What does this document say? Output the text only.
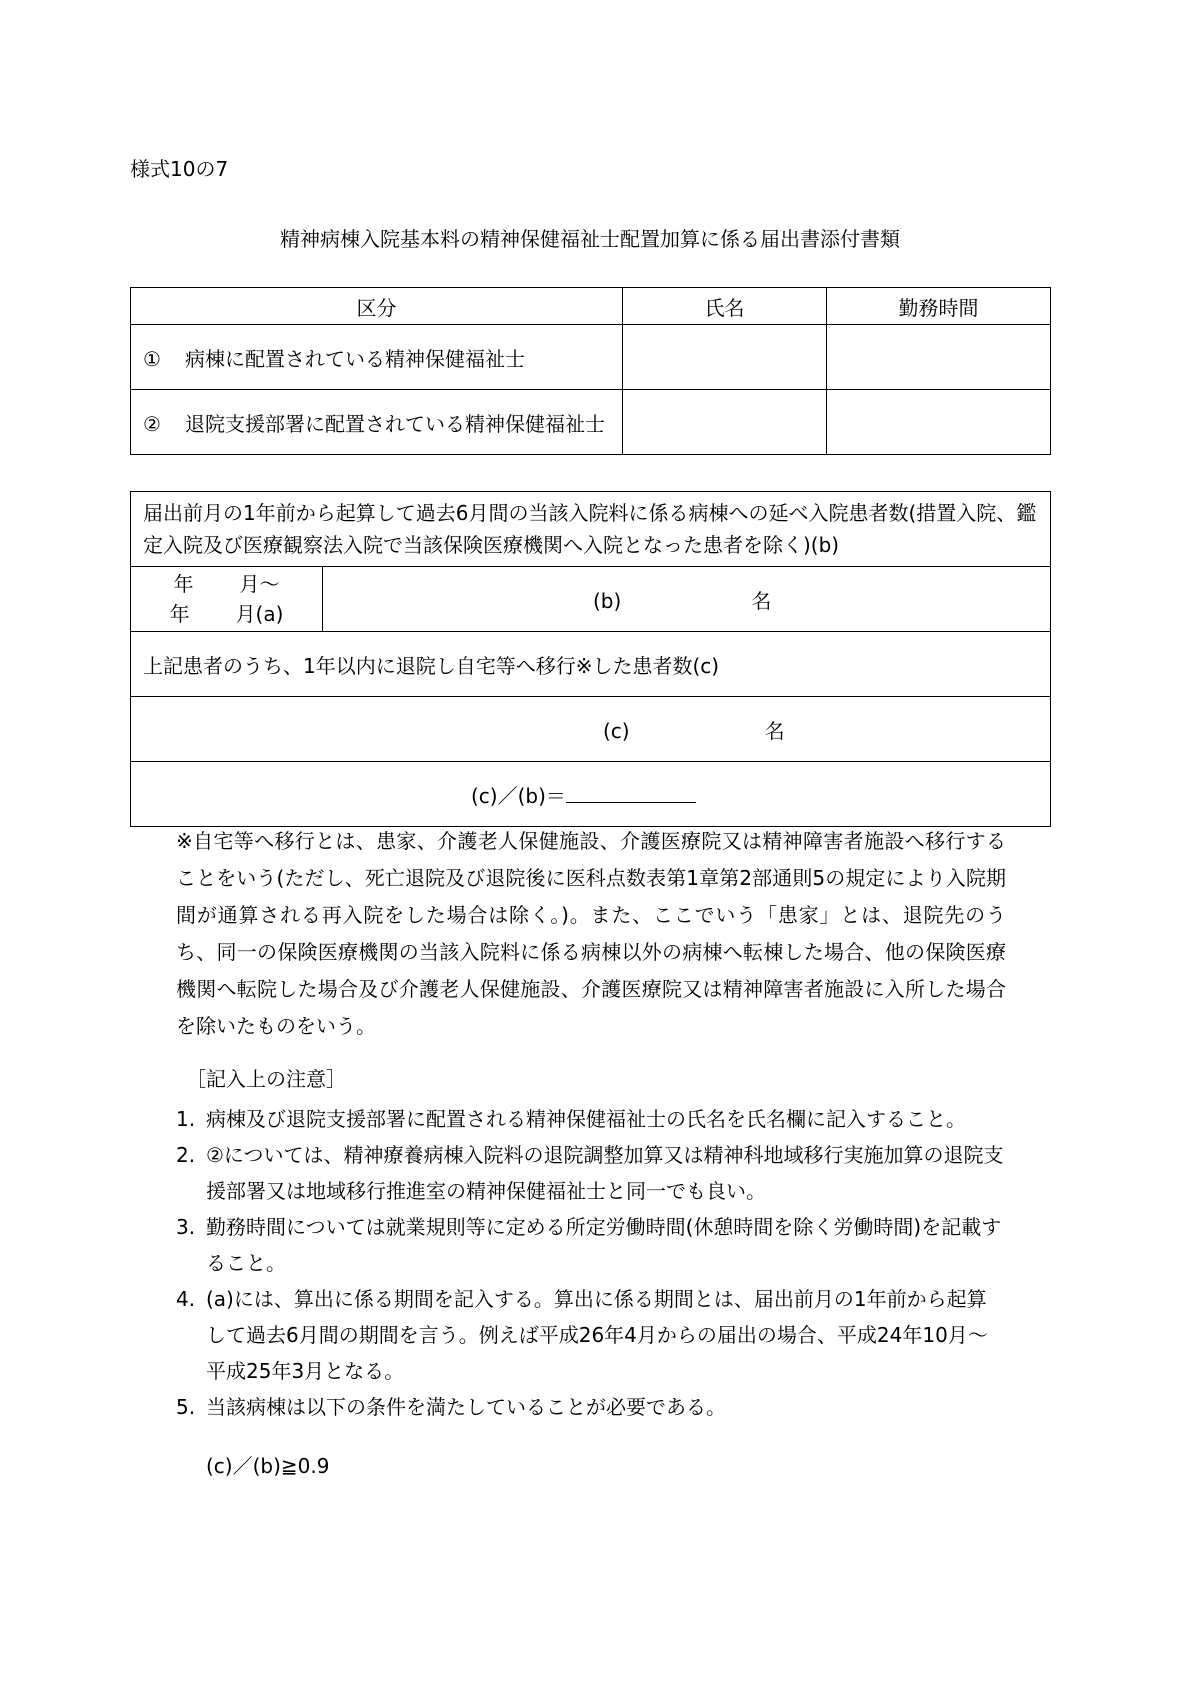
様式10の7
精神病棟入院基本料の精神保健福祉士配置加算に係る届出書添付書類
区分	氏名	勤務時間
① 病棟に配置されている精神保健福祉士		
② 退院支援部署に配置されている精神保健福祉士		
届出前月の1年前から起算して過去6月間の当該入院料に係る病棟への延べ入院患者数(措置入院、鑑定入院及び医療観察法入院で当該保険医療機関へ入院となった患者を除く)(b)

年 月～
年 月(a)
	(b)	名
上記患者のうち、1年以内に退院し自宅等へ移行※した患者数(c)
(c)	名
(c)／(b)＝
※自宅等へ移行とは、患家、介護老人保健施設、介護医療院又は精神障害者施設へ移行することをいう(ただし、死亡退院及び退院後に医科点数表第1章第2部通則5の規定により入院期間が通算される再入院をした場合は除く。)。また、ここでいう「患家」とは、退院先のうち、同一の保険医療機関の当該入院料に係る病棟以外の病棟へ転棟した場合、他の保険医療機関へ転院した場合及び介護老人保健施設、介護医療院又は精神障害者施設に入所した場合を除いたものをいう。
［記入上の注意］
1. 病棟及び退院支援部署に配置される精神保健福祉士の氏名を氏名欄に記入すること。
2. ②については、精神療養病棟入院料の退院調整加算又は精神科地域移行実施加算の退院支援部署又は地域移行推進室の精神保健福祉士と同一でも良い。
3. 勤務時間については就業規則等に定める所定労働時間(休憩時間を除く労働時間)を記載すること。
4. (a)には、算出に係る期間を記入する。算出に係る期間とは、届出前月の1年前から起算して過去6月間の期間を言う。例えば平成26年4月からの届出の場合、平成24年10月～平成25年3月となる。
5. 当該病棟は以下の条件を満たしていることが必要である。
(c)／(b)≧0.9
